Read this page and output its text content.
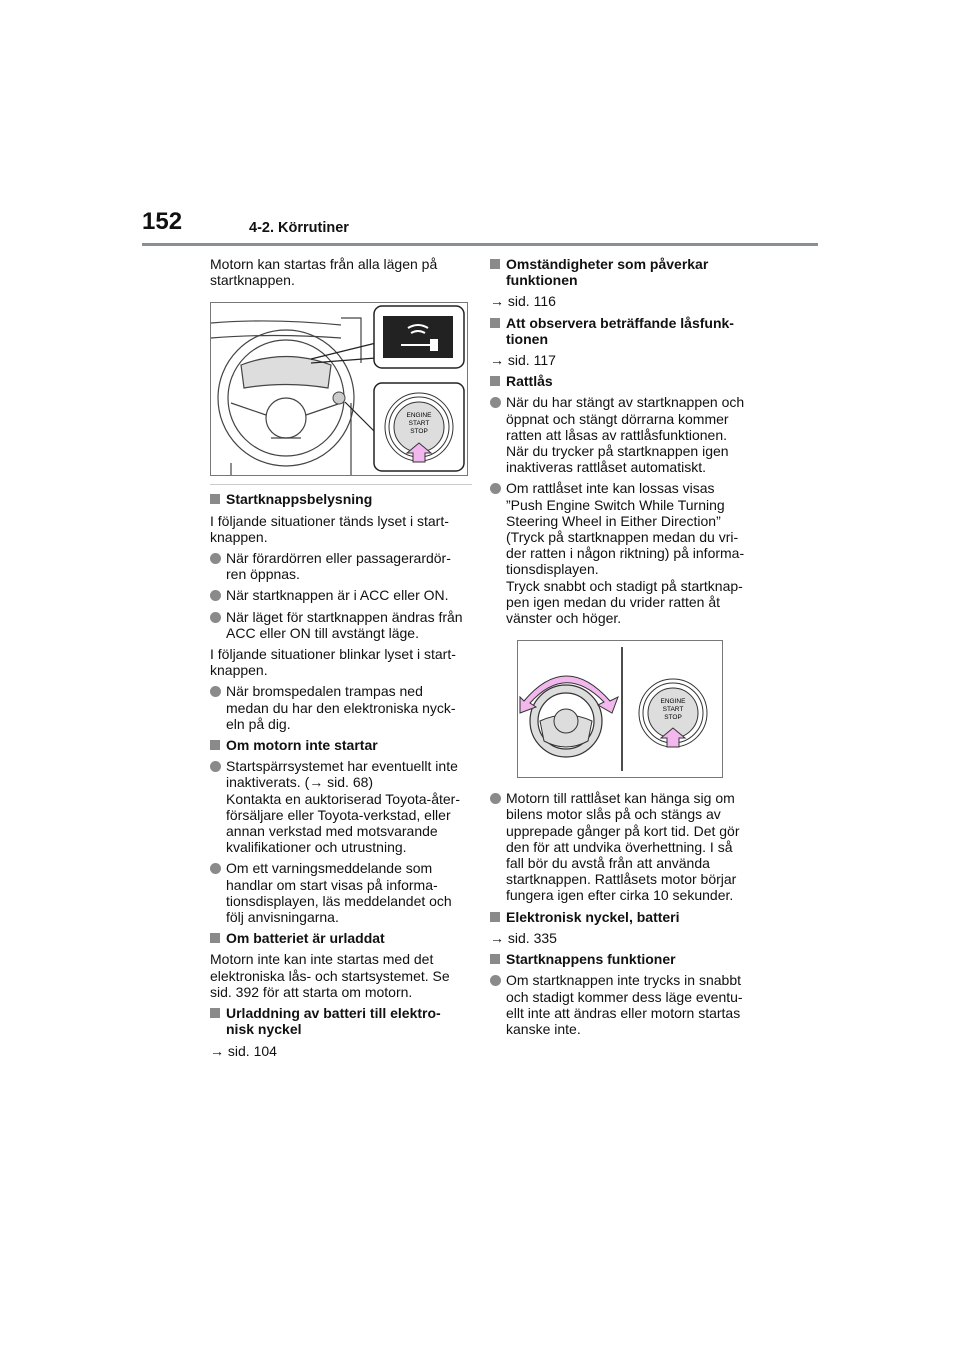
152	4-2. Körrutiner

Motorn kan startas från alla lägen på
startknappen.

ENGINE
START
STOP
Startknappsbelysning

I följande situationer tänds lyset i start-
knappen.

När förardörren eller passagerardör-
ren öppnas.
När startknappen är i ACC eller ON.
När läget för startknappen ändras från
ACC eller ON till avstängt läge.

I följande situationer blinkar lyset i start-
knappen.

När bromspedalen trampas ned
medan du har den elektroniska nyck-
eln på dig.
Om motorn inte startar
Startspärrsystemet har eventuellt inte
inaktiverats. (→ sid. 68)
Kontakta en auktoriserad Toyota-åter-
försäljare eller Toyota-verkstad, eller
annan verkstad med motsvarande
kvalifikationer och utrustning.
Om ett varningsmeddelande som
handlar om start visas på informa-
tionsdisplayen, läs meddelandet och
följ anvisningarna.
Om batteriet är urladdat

Motorn inte kan inte startas med det
elektroniska lås- och startsystemet. Se
sid. 392 för att starta om motorn.

Urladdning av batteri till elektro-
nisk nyckel
→ sid. 104
Omständigheter som påverkar
funktionen
→ sid. 116
Att observera beträffande låsfunk-
tionen
→ sid. 117
Rattlås
När du har stängt av startknappen och
öppnat och stängt dörrarna kommer
ratten att låsas av rattlåsfunktionen.
När du trycker på startknappen igen
inaktiveras rattlåset automatiskt.
Om rattlåset inte kan lossas visas
”Push Engine Switch While Turning
Steering Wheel in Either Direction”
(Tryck på startknappen medan du vri-
der ratten i någon riktning) på informa-
tionsdisplayen.
Tryck snabbt och stadigt på startknap-
pen igen medan du vrider ratten åt
vänster och höger.
ENGINE
START
STOP
Motorn till rattlåset kan hänga sig om
bilens motor slås på och stängs av
upprepade gånger på kort tid. Det gör
den för att undvika överhettning. I så
fall bör du avstå från att använda
startknappen. Rattlåsets motor börjar
fungera igen efter cirka 10 sekunder.
Elektronisk nyckel, batteri
→ sid. 335
Startknappens funktioner
Om startknappen inte trycks in snabbt
och stadigt kommer dess läge eventu-
ellt inte att ändras eller motorn startas
kanske inte.
